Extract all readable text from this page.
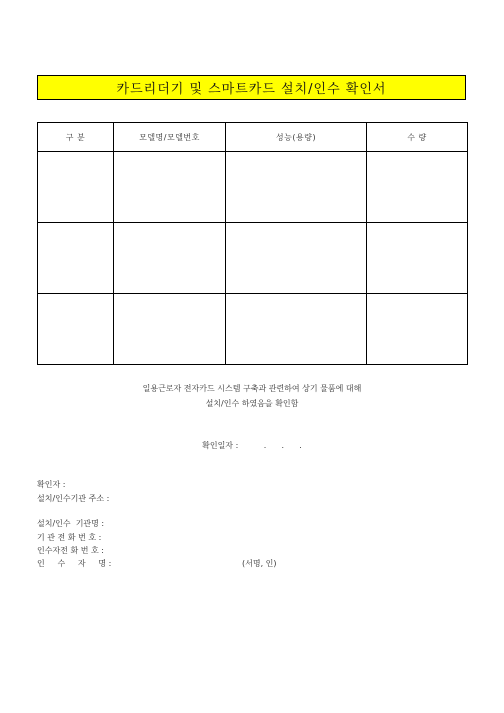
카드리더기 및 스마트카드 설치/인수 확인서
구 분	모델명/모델번호	성능(용량)	수 량

일용근로자 전자카드 시스템 구축과 관련하여 상기 물품에 대해
설치/인수 하였음을 확인함
확인일자 :          .      .      .
확인자 :
설치/인수기관 주소 :
설치/인수  기관명 :
기 관 전 화 번 호 :
인수자전 화 번 호 :
인     수     자     명 :	(서명, 인)
